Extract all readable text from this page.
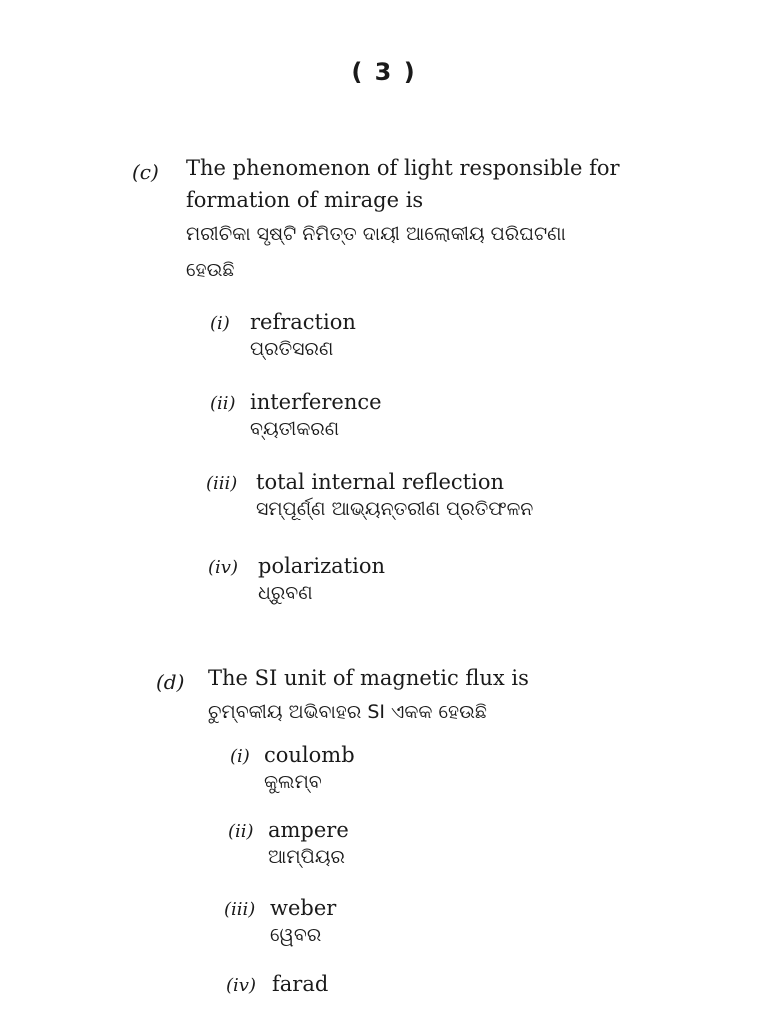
( 3 )
(c) The phenomenon of light responsible for
formation of mirage is
ମରୀଚିକା ସୃଷ୍ଟି ନିମିତ୍ତ ଦାୟୀ ଆଲୋକୀୟ ପରିଘଟଣା
ହେଉଛି
(i) refraction
ପ୍ରତିସରଣ
(ii) interference
ବ୍ୟତୀକରଣ
(iii) total internal reflection
ସମ୍ପୂର୍ଣ୍ଣ ଆଭ୍ୟନ୍ତରୀଣ ପ୍ରତିଫଳନ
(iv) polarization
ଧ୍ରୁବଣ
(d) The SI unit of magnetic flux is
ଚୁମ୍ବକୀୟ ଅଭିବାହର SI ଏକକ ହେଉଛି
(i) coulomb
କୁଲମ୍ବ
(ii) ampere
ଆମ୍ପିୟର
(iii) weber
ୱେବର
(iv) farad
